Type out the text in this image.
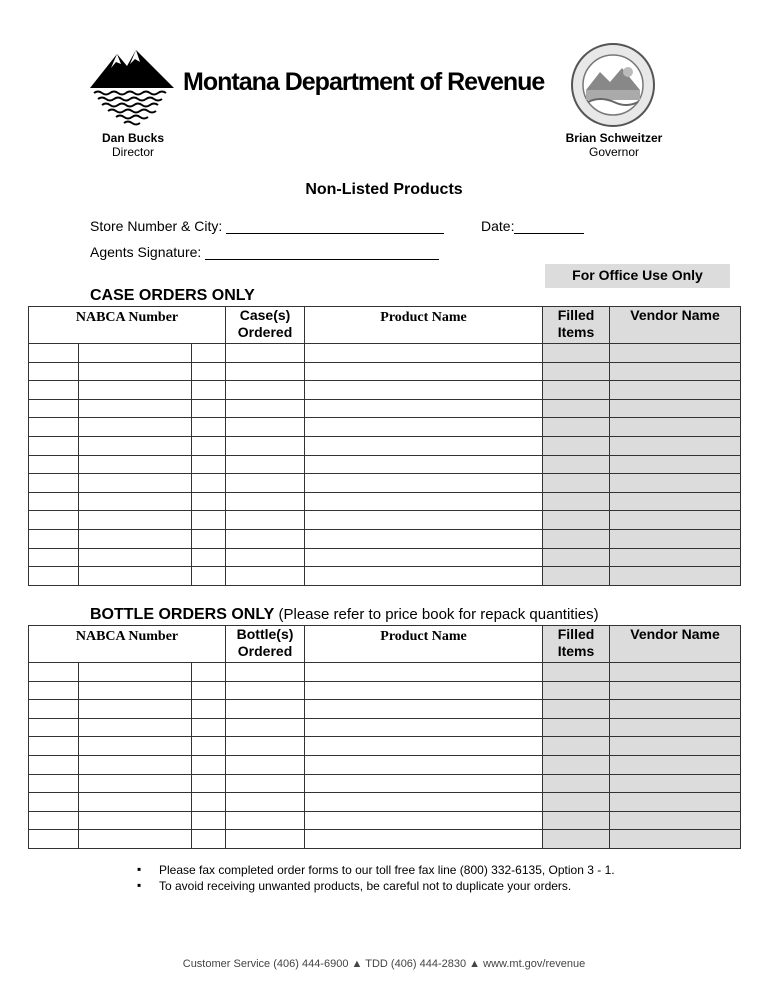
Montana Department of Revenue
Dan Bucks
Director
Brian Schweitzer
Governor
Non-Listed Products
Store Number & City:	Date:
Agents Signature:
For Office Use Only
CASE ORDERS ONLY
NABCA Number			Case(s) Ordered	Product Name	Filled Items	Vendor Name

BOTTLE ORDERS ONLY (Please refer to price book for repack quantities)
NABCA Number			Bottle(s) Ordered	Product Name	Filled Items	Vendor Name

▪ Please fax completed order forms to our toll free fax line (800) 332-6135, Option 3 - 1.
▪ To avoid receiving unwanted products, be careful not to duplicate your orders.
Customer Service (406) 444-6900 ▲ TDD (406) 444-2830 ▲ www.mt.gov/revenue
